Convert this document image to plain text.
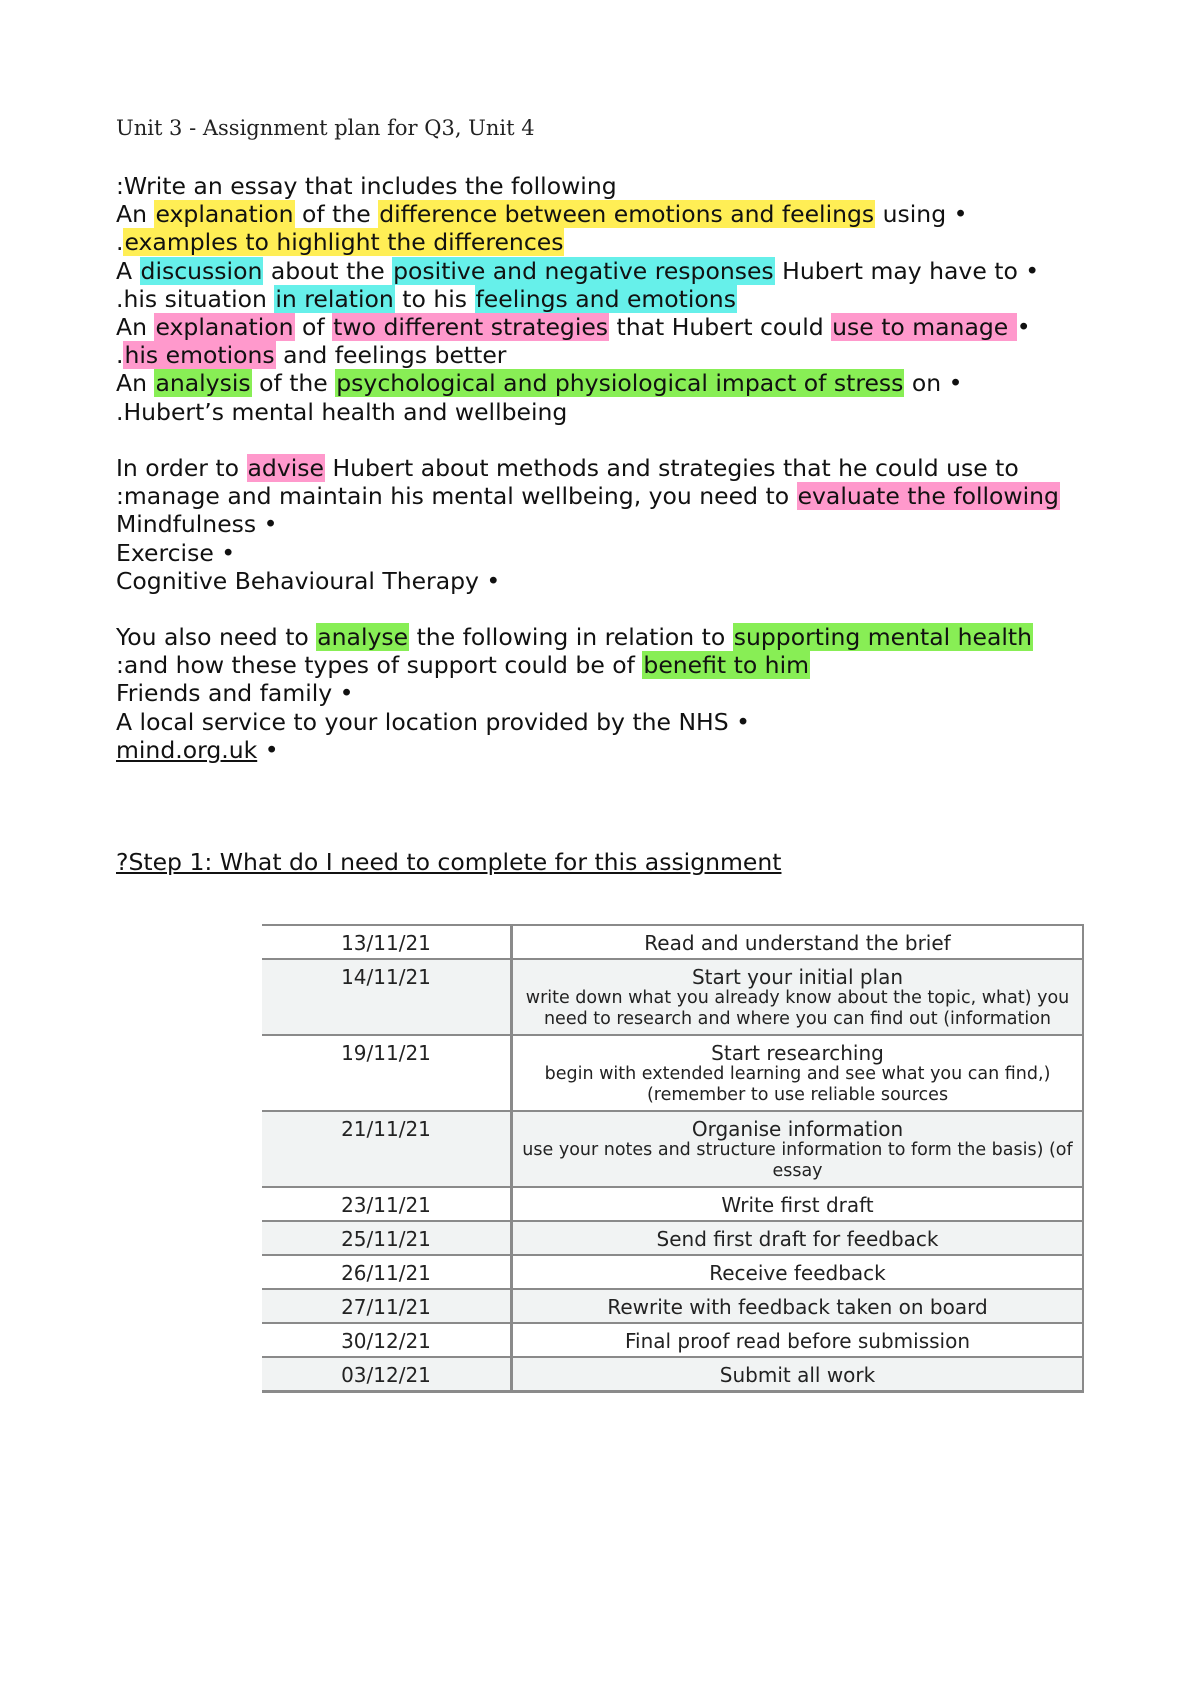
Unit 3 - Assignment plan for Q3, Unit 4
:Write an essay that includes the following
An explanation of the difference between emotions and feelings using •
.examples to highlight the differences
A discussion about the positive and negative responses Hubert may have to •
.his situation in relation to his feelings and emotions
An explanation of two different strategies that Hubert could use to manage •
.his emotions and feelings better
An analysis of the psychological and physiological impact of stress on •
.Hubert’s mental health and wellbeing
In order to advise Hubert about methods and strategies that he could use to
:manage and maintain his mental wellbeing, you need to evaluate the following
Mindfulness •
Exercise •
Cognitive Behavioural Therapy •
You also need to analyse the following in relation to supporting mental health
:and how these types of support could be of benefit to him
Friends and family •
A local service to your location provided by the NHS •
mind.org.uk •
?Step 1: What do I need to complete for this assignment
13/11/21	Read and understand the brief

14/11/21	Start your initial plan
write down what you already know about the topic, what) you need to research and where you can find out (information

19/11/21	Start researching
begin with extended learning and see what you can find,) (remember to use reliable sources

21/11/21	Organise information
use your notes and structure information to form the basis) (of essay

23/11/21	Write first draft

25/11/21	Send first draft for feedback

26/11/21	Receive feedback

27/11/21	Rewrite with feedback taken on board

30/12/21	Final proof read before submission

03/12/21	Submit all work
